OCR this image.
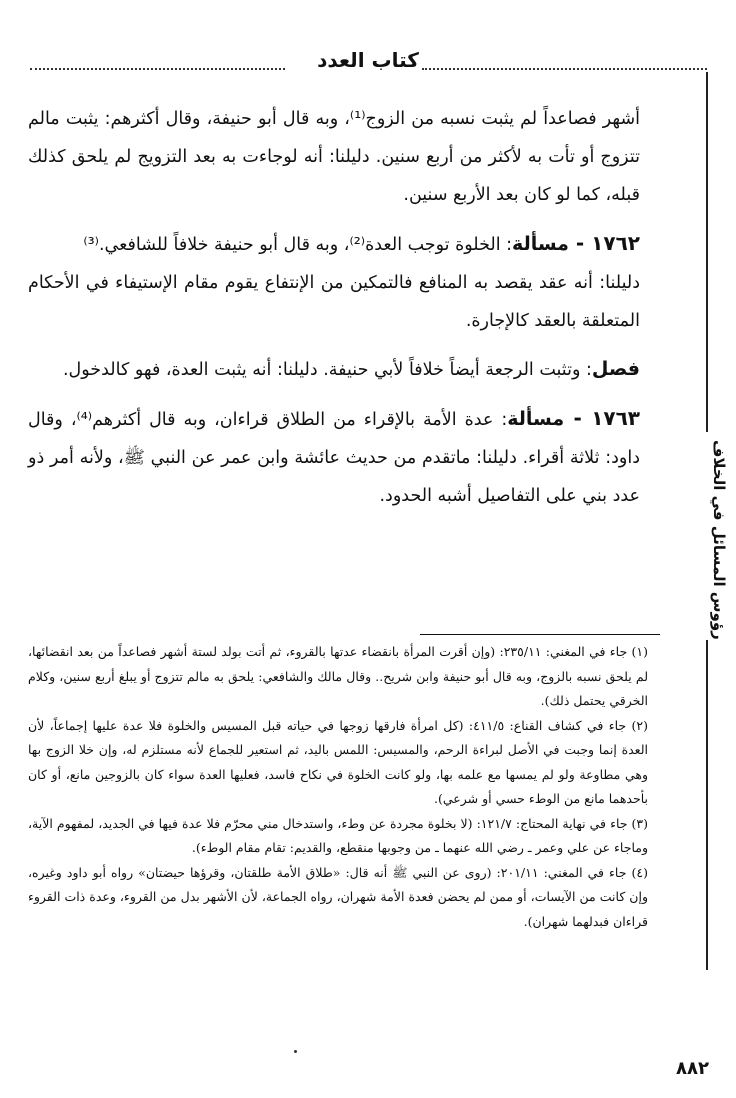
كتاب العدد
رؤوس المسائل في الخلاف

أشهر فصاعداً لم يثبت نسبه من الزوج⁽¹⁾، وبه قال أبو حنيفة، وقال أكثرهم: يثبت مالم تتزوج أو تأت به لأكثر من أربع سنين. دليلنا: أنه لوجاءت به بعد التزويج لم يلحق كذلك قبله، كما لو كان بعد الأربع سنين.

١٧٦٢ - مسألة: الخلوة توجب العدة⁽²⁾، وبه قال أبو حنيفة خلافاً للشافعي.⁽³⁾
دليلنا: أنه عقد يقصد به المنافع فالتمكين من الإنتفاع يقوم مقام الإستيفاء في الأحكام المتعلقة بالعقد كالإجارة.

فصل: وتثبت الرجعة أيضاً خلافاً لأبي حنيفة. دليلنا: أنه يثبت العدة، فهو كالدخول.

١٧٦٣ - مسألة: عدة الأمة بالإقراء من الطلاق قراءان، وبه قال أكثرهم⁽⁴⁾، وقال داود: ثلاثة أقراء. دليلنا: ماتقدم من حديث عائشة وابن عمر عن النبي ﷺ، ولأنه أمر ذو عدد بني على التفاصيل أشبه الحدود.

(١) جاء في المغني: ٢٣٥/١١: (وإن أقرت المرأة بانقضاء عدتها بالقروء، ثم أتت بولد لستة أشهر فصاعداً من بعد انقضائها، لم يلحق نسبه بالزوج، وبه قال أبو حنيفة وابن شريح.. وقال مالك والشافعي: يلحق به مالم تتزوج أو يبلغ أربع سنين، وكلام الخرقي يحتمل ذلك).

(٢) جاء في كشاف القناع: ٤١١/٥: (كل امرأة فارقها زوجها في حياته قبل المسيس والخلوة فلا عدة عليها إجماعاً، لأن العدة إنما وجبت في الأصل لبراءة الرحم، والمسيس: اللمس باليد، ثم استعير للجماع لأنه مستلزم له، وإن خلا الزوج بها وهي مطاوعة ولو لم يمسها مع علمه بها، ولو كانت الخلوة في نكاح فاسد، فعليها العدة سواء كان بالزوجين مانع، أو كان بأحدهما مانع من الوطء حسي أو شرعي).

(٣) جاء في نهاية المحتاج: ١٢١/٧: (لا بخلوة مجردة عن وطء، واستدخال مني محرّم فلا عدة فيها في الجديد، لمفهوم الآية، وماجاء عن علي وعمر ـ رضي الله عنهما ـ من وجوبها منقطع، والقديم: تقام مقام الوطء).

(٤) جاء في المغني: ٢٠١/١١: (روى عن النبي ﷺ أنه قال: «طلاق الأمة طلقتان، وقرؤها حيضتان» رواه أبو داود وغيره، وإن كانت من الآيسات، أو ممن لم يحضن فعدة الأمة شهران، رواه الجماعة، لأن الأشهر بدل من القروء، وعدة ذات القروء قراءان فبدلهما شهران).

٨٨٢
